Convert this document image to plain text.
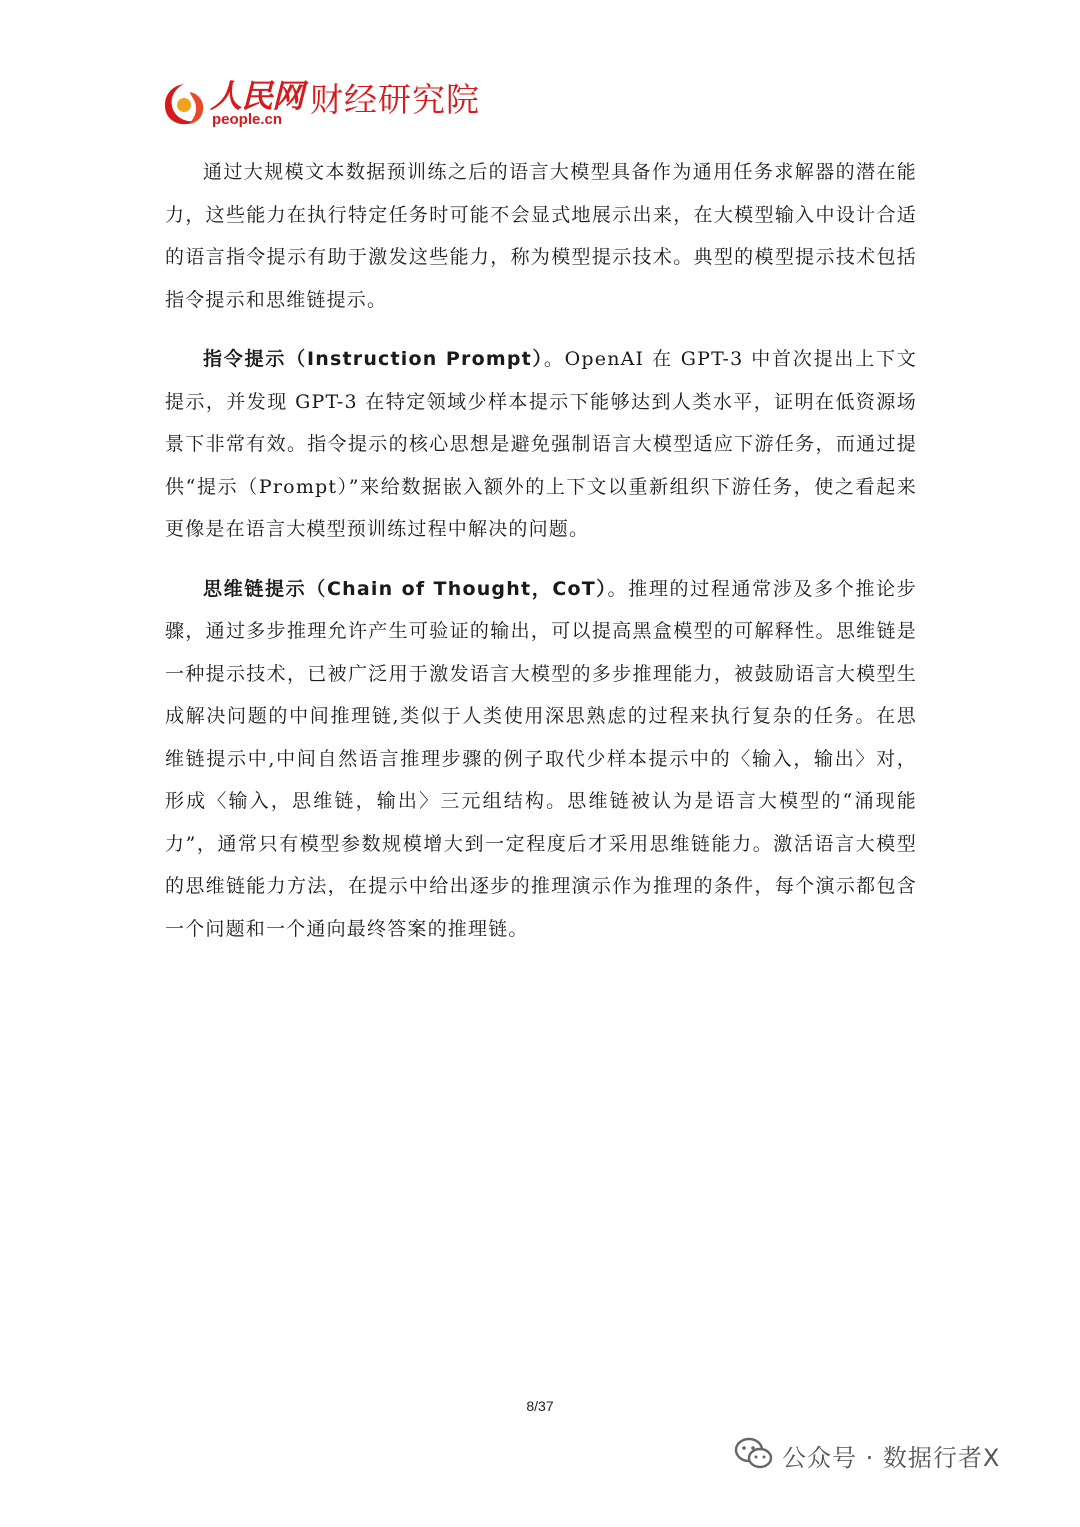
人民网
people.cn
财经研究院

通过大规模文本数据预训练之后的语言大模型具备作为通用任务求解器的潜在能力，这些能力在执行特定任务时可能不会显式地展示出来，在大模型输入中设计合适的语言指令提示有助于激发这些能力，称为模型提示技术。典型的模型提示技术包括指令提示和思维链提示。

指令提示（Instruction Prompt）。OpenAI 在 GPT-3 中首次提出上下文提示，并发现 GPT-3 在特定领域少样本提示下能够达到人类水平，证明在低资源场景下非常有效。指令提示的核心思想是避免强制语言大模型适应下游任务，而通过提供“提示（Prompt）”来给数据嵌入额外的上下文以重新组织下游任务，使之看起来更像是在语言大模型预训练过程中解决的问题。

思维链提示（Chain of Thought，CoT）。推理的过程通常涉及多个推论步骤，通过多步推理允许产生可验证的输出，可以提高黑盒模型的可解释性。思维链是一种提示技术，已被广泛用于激发语言大模型的多步推理能力，被鼓励语言大模型生成解决问题的中间推理链,类似于人类使用深思熟虑的过程来执行复杂的任务。在思维链提示中,中间自然语言推理步骤的例子取代少样本提示中的〈输入，输出〉对，形成〈输入，思维链，输出〉三元组结构。思维链被认为是语言大模型的“涌现能力”，通常只有模型参数规模增大到一定程度后才采用思维链能力。激活语言大模型的思维链能力方法，在提示中给出逐步的推理演示作为推理的条件，每个演示都包含一个问题和一个通向最终答案的推理链。

8/37
公众号 · 数据行者X
